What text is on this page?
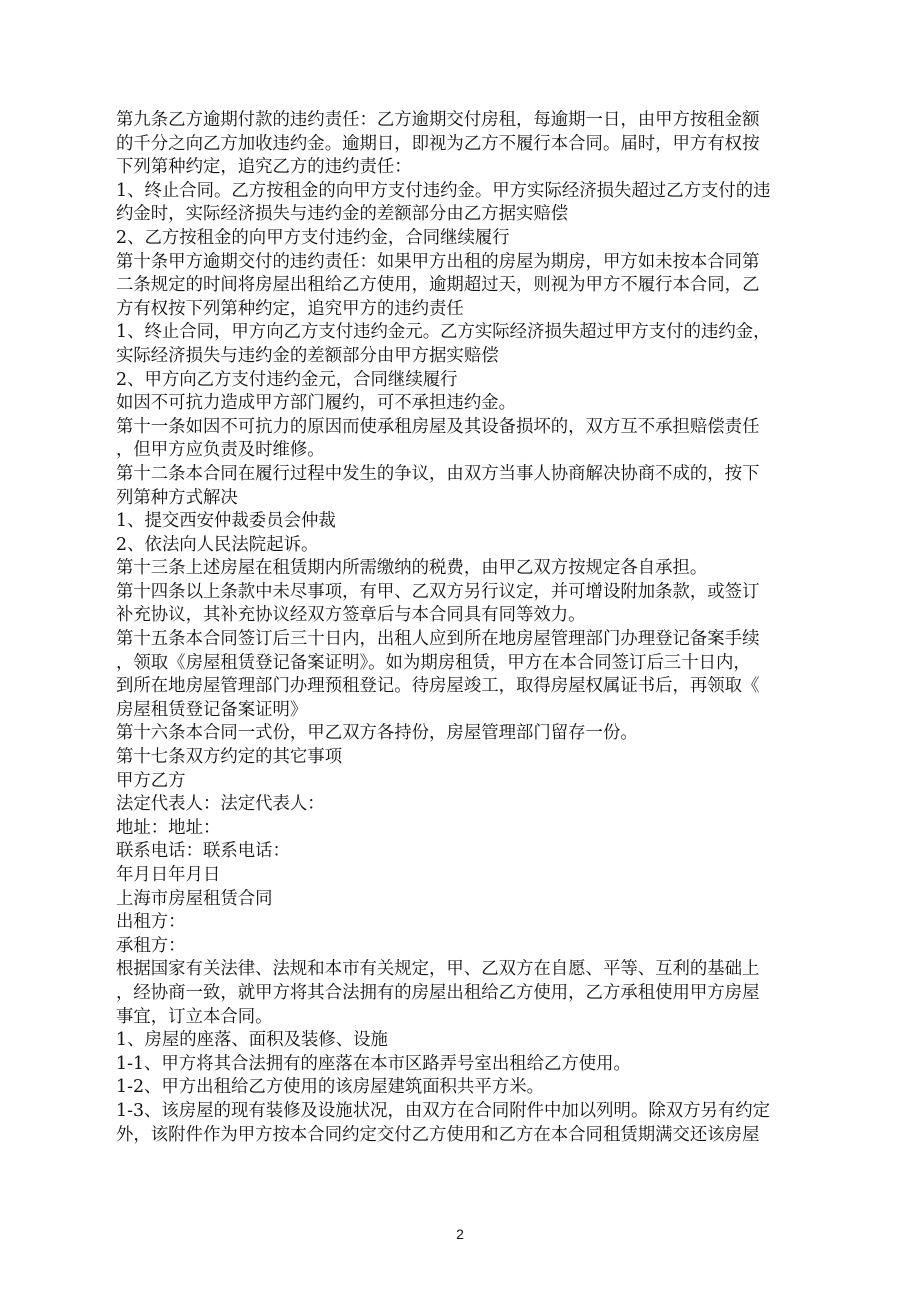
第九条乙方逾期付款的违约责任：乙方逾期交付房租，每逾期一日，由甲方按租金额
的千分之向乙方加收违约金。逾期日，即视为乙方不履行本合同。届时，甲方有权按
下列第种约定，追究乙方的违约责任：
1、终止合同。乙方按租金的向甲方支付违约金。甲方实际经济损失超过乙方支付的违
约金时，实际经济损失与违约金的差额部分由乙方据实赔偿
2、乙方按租金的向甲方支付违约金，合同继续履行
第十条甲方逾期交付的违约责任：如果甲方出租的房屋为期房，甲方如未按本合同第
二条规定的时间将房屋出租给乙方使用，逾期超过天，则视为甲方不履行本合同，乙
方有权按下列第种约定，追究甲方的违约责任
1、终止合同，甲方向乙方支付违约金元。乙方实际经济损失超过甲方支付的违约金，
实际经济损失与违约金的差额部分由甲方据实赔偿
2、甲方向乙方支付违约金元，合同继续履行
如因不可抗力造成甲方部门履约，可不承担违约金。
第十一条如因不可抗力的原因而使承租房屋及其设备损坏的，双方互不承担赔偿责任
，但甲方应负责及时维修。
第十二条本合同在履行过程中发生的争议，由双方当事人协商解决协商不成的，按下
列第种方式解决
1、提交西安仲裁委员会仲裁
2、依法向人民法院起诉。
第十三条上述房屋在租赁期内所需缴纳的税费，由甲乙双方按规定各自承担。
第十四条以上条款中未尽事项，有甲、乙双方另行议定，并可增设附加条款，或签订
补充协议，其补充协议经双方签章后与本合同具有同等效力。
第十五条本合同签订后三十日内，出租人应到所在地房屋管理部门办理登记备案手续
，领取《房屋租赁登记备案证明》。如为期房租赁，甲方在本合同签订后三十日内，
到所在地房屋管理部门办理预租登记。待房屋竣工，取得房屋权属证书后，再领取《
房屋租赁登记备案证明》
第十六条本合同一式份，甲乙双方各持份，房屋管理部门留存一份。
第十七条双方约定的其它事项
甲方乙方
法定代表人：法定代表人：
地址：地址：
联系电话：联系电话：
年月日年月日
上海市房屋租赁合同
出租方：
承租方：
根据国家有关法律、法规和本市有关规定，甲、乙双方在自愿、平等、互利的基础上
，经协商一致，就甲方将其合法拥有的房屋出租给乙方使用，乙方承租使用甲方房屋
事宜，订立本合同。
1、房屋的座落、面积及装修、设施
1-1、甲方将其合法拥有的座落在本市区路弄号室出租给乙方使用。
1-2、甲方出租给乙方使用的该房屋建筑面积共平方米。
1-3、该房屋的现有装修及设施状况，由双方在合同附件中加以列明。除双方另有约定
外，该附件作为甲方按本合同约定交付乙方使用和乙方在本合同租赁期满交还该房屋
2
